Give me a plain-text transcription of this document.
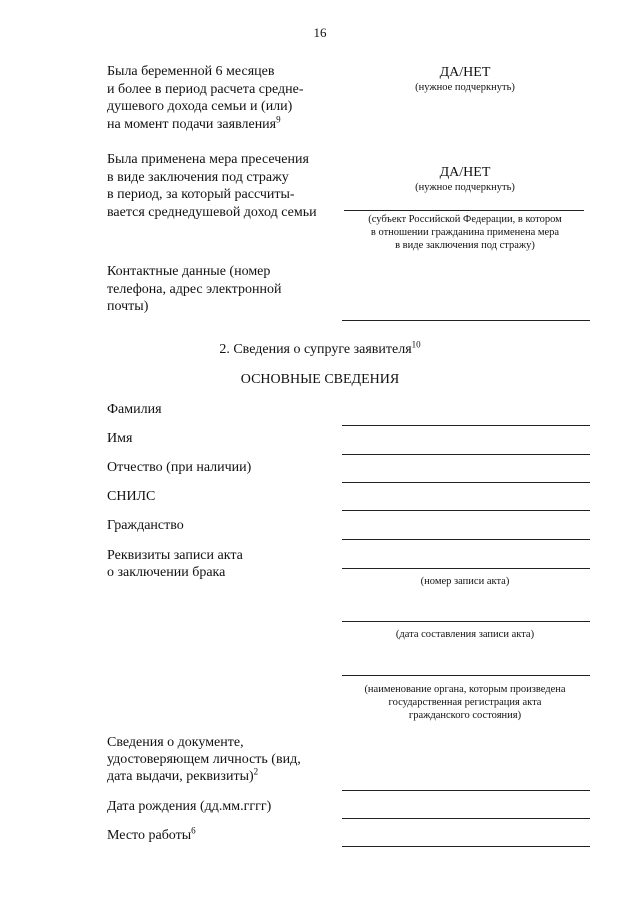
16
Была беременной 6 месяцев
и более в период расчета средне-
душевого дохода семьи и (или)
на момент подачи заявления$^9$
ДА/НЕТ
(нужное подчеркнуть)
Была применена мера пресечения
в виде заключения под стражу
в период, за который рассчиты-
вается среднедушевой доход семьи
ДА/НЕТ
(нужное подчеркнуть)
(субъект Российской Федерации, в котором
в отношении гражданина применена мера
в виде заключения под стражу)
Контактные данные (номер
телефона, адрес электронной
почты)
2. Сведения о супруге заявителя$^{10}$
ОСНОВНЫЕ СВЕДЕНИЯ
Фамилия
Имя
Отчество (при наличии)
СНИЛС
Гражданство
Реквизиты записи акта
о заключении брака
(номер записи акта)
(дата составления записи акта)
(наименование органа, которым произведена
государственная регистрация акта
гражданского состояния)
Сведения о документе,
удостоверяющем личность (вид,
дата выдачи, реквизиты)$^2$
Дата рождения (дд.мм.гггг)
Место работы$^6$
